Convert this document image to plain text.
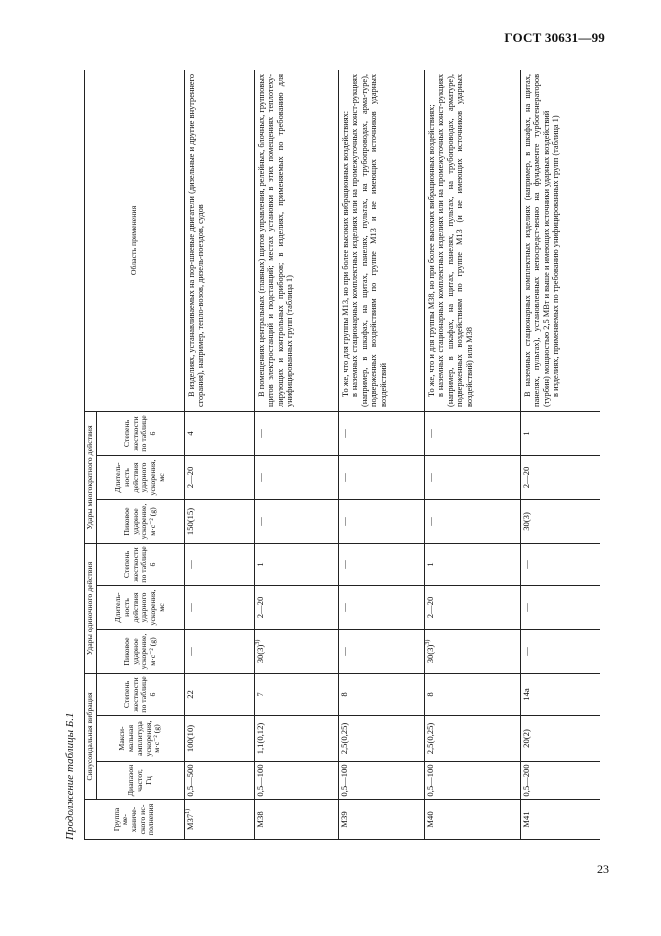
ГОСТ 30631—99
Продолжение таблицы Б.1	Группа ме-ханиче-ского ис-полнения	Синусоидальная вибрация			Удары одиночного действия			Удары многократного действия			Область применения
	Диапазон частот, Гц	Макси-мальная амплитуда ускорения, м·с⁻² (g)	Степень жесткости по таблице 6	Пиковое ударное ускорение, м·с⁻² (g)	Длитель-ность действия ударного ускорения, мс	Степень жесткости по таблице 6	Пиковое ударное ускорение, м·с⁻² (g)	Длитель-ность действия ударного ускорения, мс	Степень жесткости по таблице 6	
М37$^{1)}$	0,5—500	100(10)	22	—	—	—	150(15)	2—20	4	В изделиях, устанавливаемых на пор-шневые двигатели (дизельные и другие внутреннего сгорания), например, тепло-возов, дизель-поездов, судов

М38	0,5—100	1,1(0,12)	7	$30(3)^{3)}$	2—20	1	—	—	—	В помещениях центральных (главных) щитов управления, релейных, блочных, групповых щитов электростанций и подстанций; местах установки в этих помещениях теплотеху-лирующих и контрольных приборов; в изделиях, применяемых по требованию для унифицированных групп (таблица 1)

М39	0,5—100	2,5(0,25)	8	—	—	—	—	—	—	То же, что для группы М13, но при более высоких вибрационных воздействиях: в наземных стационарных комплектных изделиях или на промежуточных конст-рукциях (например, в шкафах, на щитах, панелях, пультах, на трубопроводах, арма-туре), подверженных воздействиям по группе М13 и не имеющих источников ударных воздействий

М40	0,5—100	2,5(0,25)	8	$30(3)^{3)}$	2—20	1	—	—	—	То же, что и для группы М38, но при более высоких вибрационных воздействиях; в наземных стационарных комплектных изделиях или на промежуточных конст-рукциях (например, в шкафах, на щитах, панелях, пультах, на трубопроводах, арматуре), подверженных воздействиям по группе М13 (и не имеющих источников ударных воздействий) или М38

М41	0,5—200	20(2)	14а	—	—	—	30(3)	2—20	1	В наземных стационарных комплектных изделиях (например, в шкафах, на щитах, панелях, пультах), установленных непосредст-венно на фундаменте турбогенераторов (турбин) мощностью 2,5 МВт и выше и имеющих источники ударных воздействий в изделиях, применяемых по требованию унифицированных групп (таблица 1)
23
